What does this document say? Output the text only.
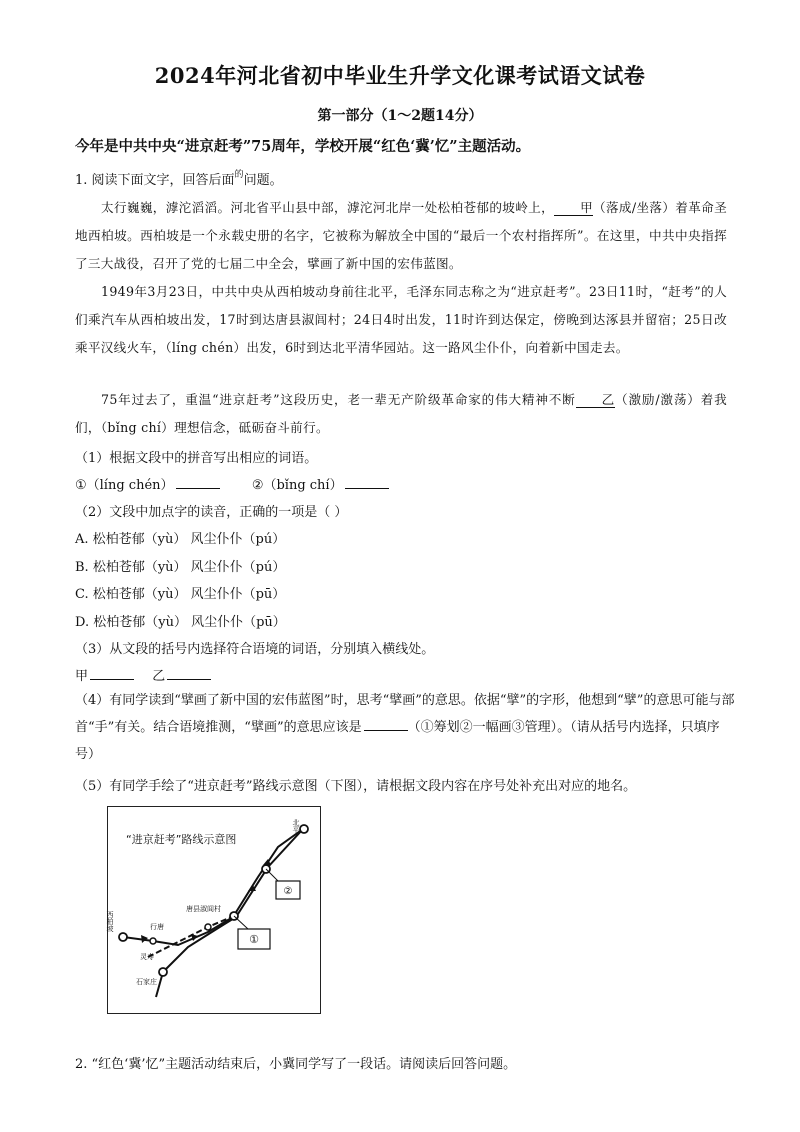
2024年河北省初中毕业生升学文化课考试语文试卷
第一部分（1～2题14分）
今年是中共中央“进京赶考”75周年，学校开展“红色‘冀’忆”主题活动。
1. 阅读下面文字，回答后面$^的$问题。
太行巍巍，滹沱滔滔。河北省平山县中部，滹沱河北岸一处松柏苍郁的坡岭上， 甲（落成/坐落）着革命圣地西柏坡。西柏坡是一个永载史册的名字，它被称为解放全中国的“最后一个农村指挥所”。在这里，中共中央指挥了三大战役，召开了党的七届二中全会，擘画了新中国的宏伟蓝图。
1949年3月23日，中共中央从西柏坡动身前往北平，毛泽东同志称之为“进京赶考”。23日11时，“赶考”的人们乘汽车从西柏坡出发，17时到达唐县淑闾村；24日4时出发，11时许到达保定，傍晚到达涿县并留宿；25日改乘平汉线火车，（líng chén）出发，6时到达北平清华园站。这一路风尘仆仆，向着新中国走去。
75年过去了，重温“进京赶考”这段历史，老一辈无产阶级革命家的伟大精神不断 乙（激励/激荡）着我们，（bǐng chí）理想信念，砥砺奋斗前行。
（1）根据文段中的拼音写出相应的词语。
①（líng chén）	②（bǐng chí）
（2）文段中加点字的读音，正确的一项是（ ）
A. 松柏苍郁（yù） 风尘仆仆（pú）
B. 松柏苍郁（yù） 风尘仆仆（pú）
C. 松柏苍郁（yù） 风尘仆仆（pū）
D. 松柏苍郁（yù） 风尘仆仆（pū）
（3）从文段的括号内选择符合语境的词语，分别填入横线处。
甲	乙
（4）有同学读到“擘画了新中国的宏伟蓝图”时，思考“擘画”的意思。依据“擘”的字形，他想到“擘”的意思可能与部首“手”有关。结合语境推测，“擘画”的意思应该是	（①筹划②一幅画③管理）。（请从括号内选择，只填序号）
（5）有同学手绘了“进京赶考”路线示意图（下图），请根据文段内容在序号处补充出对应的地名。
“进京赶考”路线示意图
北平
西柏坡	行唐
灵寿
唐县淑闾村
石家庄
①
②
2. “红色‘冀’忆”主题活动结束后，小冀同学写了一段话。请阅读后回答问题。
